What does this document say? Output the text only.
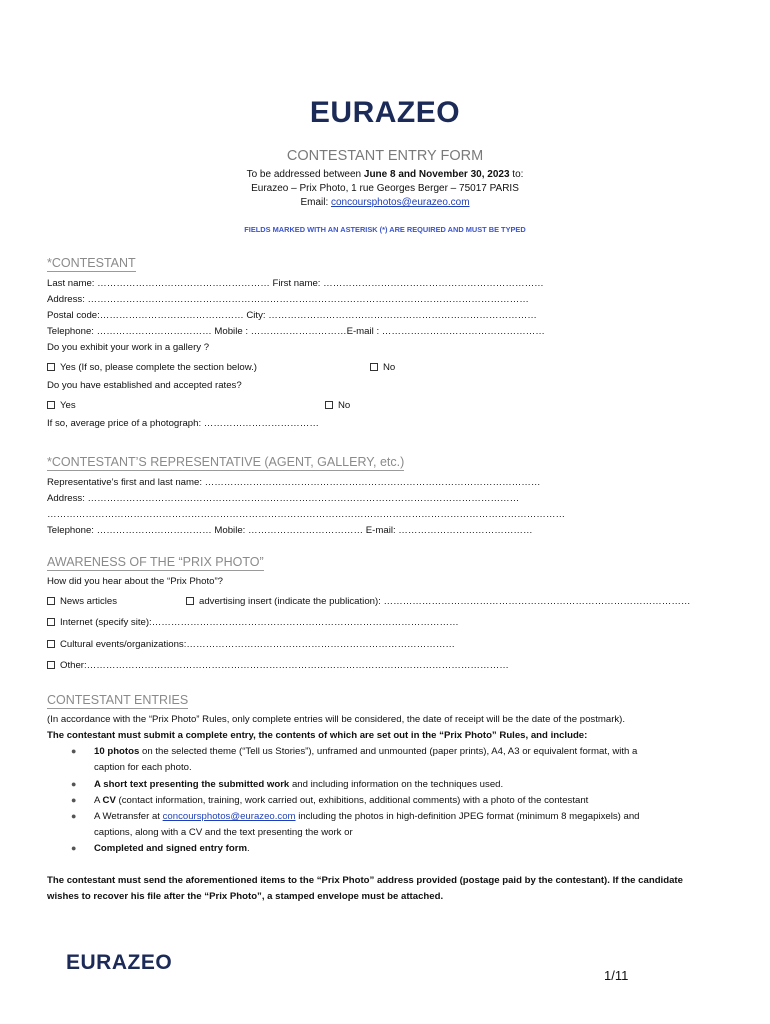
EURAZEO
CONTESTANT ENTRY FORM
To be addressed between June 8 and November 30, 2023 to:
Eurazeo – Prix Photo, 1 rue Georges Berger – 75017 PARIS
Email: concoursphotos@eurazeo.com
FIELDS MARKED WITH AN ASTERISK (*) ARE REQUIRED AND MUST BE TYPED
*CONTESTANT
Last name: ……………………………………………… First name: ……………………………………………………………
Address: …………………………………………………………………………………………………………………………
Postal code:……………………………………… City: …………………………………………………………………………
Telephone: ……………………………… Mobile : …………………………E-mail : ……………………………………………
Do you exhibit your work in a gallery ?
Yes (If so, please complete the section below.)	No
Do you have established and accepted rates?
Yes	No
If so, average price of a photograph: ………………………………
*CONTESTANT’S REPRESENTATIVE (AGENT, GALLERY, etc.)
Representative’s first and last name: ……………………………………………………………………………………………
Address: ………………………………………………………………………………………………………………………
………………………………………………………………………………………………………………………………………………
Telephone: ……………………………… Mobile: ……………………………… E-mail: ……………………………………
AWARENESS OF THE “PRIX PHOTO”
How did you hear about the “Prix Photo”?
News articles	advertising insert (indicate the publication): ……………………………………………………………………………………
Internet (specify site):……………………………………………………………………………………
Cultural events/organizations:…………………………………………………………………………
Other:……………………………………………………………………………………………………………………
CONTESTANT ENTRIES
(In accordance with the “Prix Photo” Rules, only complete entries will be considered, the date of receipt will be the date of the postmark).
The contestant must submit a complete entry, the contents of which are set out in the “Prix Photo” Rules, and include:
● 10 photos on the selected theme (“Tell us Stories”), unframed and unmounted (paper prints), A4, A3 or equivalent format, with a
caption for each photo.
● A short text presenting the submitted work and including information on the techniques used.
● A CV (contact information, training, work carried out, exhibitions, additional comments) with a photo of the contestant
● A Wetransfer at concoursphotos@eurazeo.com including the photos in high-definition JPEG format (minimum 8 megapixels) and
captions, along with a CV and the text presenting the work or
● Completed and signed entry form.
The contestant must send the aforementioned items to the “Prix Photo” address provided (postage paid by the contestant). If the candidate
wishes to recover his file after the “Prix Photo”, a stamped envelope must be attached.
EURAZEO
1/11
